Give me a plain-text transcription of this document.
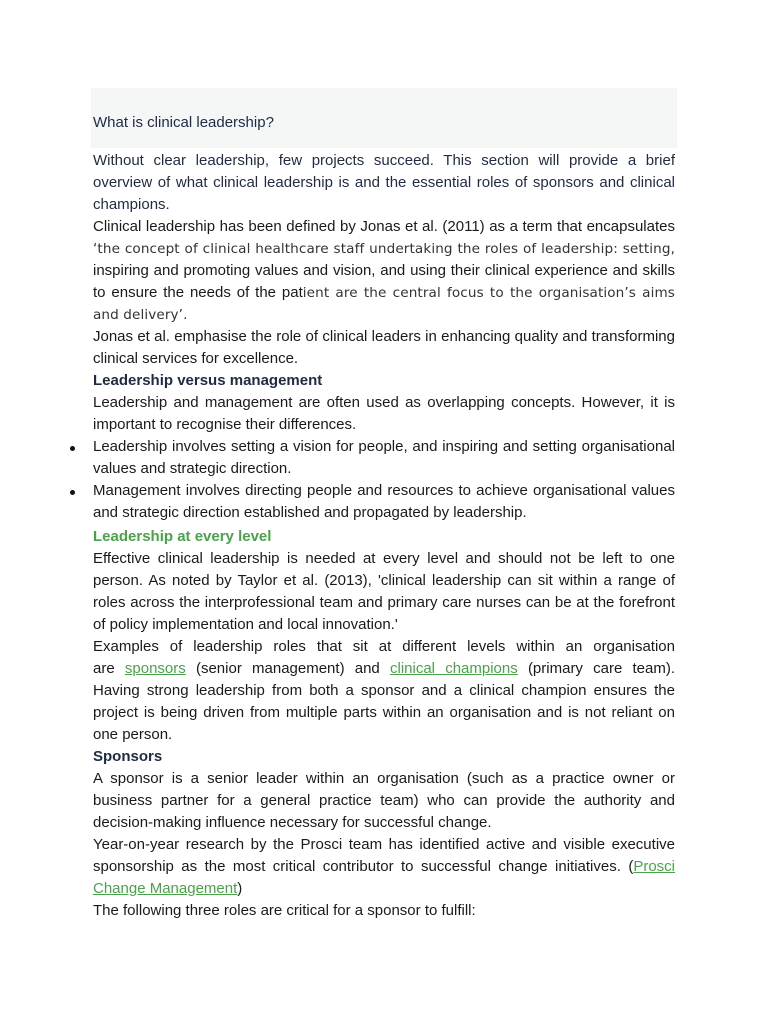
What is clinical leadership?

Without clear leadership, few projects succeed. This section will provide a brief overview of what clinical leadership is and the essential roles of sponsors and clinical champions.

Clinical leadership has been defined by Jonas et al. (2011) as a term that encapsulates ‘the concept of clinical healthcare staff undertaking the roles of leadership: setting, inspiring and promoting values and vision, and using their clinical experience and skills to ensure the needs of the patient are the central focus to the organisation’s aims and delivery’.

Jonas et al. emphasise the role of clinical leaders in enhancing quality and transforming clinical services for excellence.

Leadership versus management

Leadership and management are often used as overlapping concepts. However, it is important to recognise their differences.

Leadership involves setting a vision for people, and inspiring and setting organisational values and strategic direction.
Management involves directing people and resources to achieve organisational values and strategic direction established and propagated by leadership.
Leadership at every level

Effective clinical leadership is needed at every level and should not be left to one person. As noted by Taylor et al. (2013), 'clinical leadership can sit within a range of roles across the interprofessional team and primary care nurses can be at the forefront of policy implementation and local innovation.'

Examples of leadership roles that sit at different levels within an organisation

are sponsors (senior management) and clinical champions (primary care team).

Having strong leadership from both a sponsor and a clinical champion ensures the project is being driven from multiple parts within an organisation and is not reliant on one person.

Sponsors

A sponsor is a senior leader within an organisation (such as a practice owner or business partner for a general practice team) who can provide the authority and decision-making influence necessary for successful change.

Year-on-year research by the Prosci team has identified active and visible executive sponsorship as the most critical contributor to successful change initiatives. (Prosci Change Management)

The following three roles are critical for a sponsor to fulfill:
